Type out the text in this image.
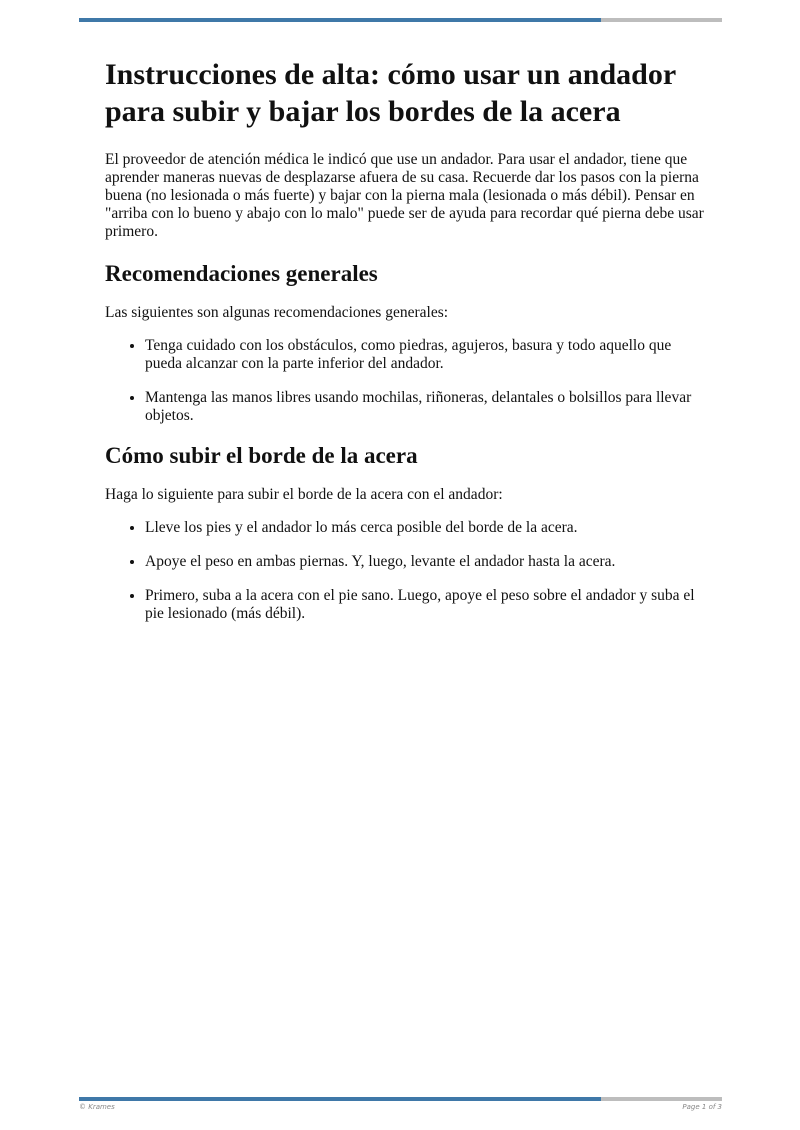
Instrucciones de alta: cómo usar un andador para subir y bajar los bordes de la acera

El proveedor de atención médica le indicó que use un andador. Para usar el andador, tiene que aprender maneras nuevas de desplazarse afuera de su casa. Recuerde dar los pasos con la pierna buena (no lesionada o más fuerte) y bajar con la pierna mala (lesionada o más débil). Pensar en "arriba con lo bueno y abajo con lo malo" puede ser de ayuda para recordar qué pierna debe usar primero.

Recomendaciones generales

Las siguientes son algunas recomendaciones generales:

• Tenga cuidado con los obstáculos, como piedras, agujeros, basura y todo aquello que pueda alcanzar con la parte inferior del andador.
• Mantenga las manos libres usando mochilas, riñoneras, delantales o bolsillos para llevar objetos.
Cómo subir el borde de la acera

Haga lo siguiente para subir el borde de la acera con el andador:

• Lleve los pies y el andador lo más cerca posible del borde de la acera.
• Apoye el peso en ambas piernas. Y, luego, levante el andador hasta la acera.
• Primero, suba a la acera con el pie sano. Luego, apoye el peso sobre el andador y suba el pie lesionado (más débil).
© Krames	Page 1 of 3
